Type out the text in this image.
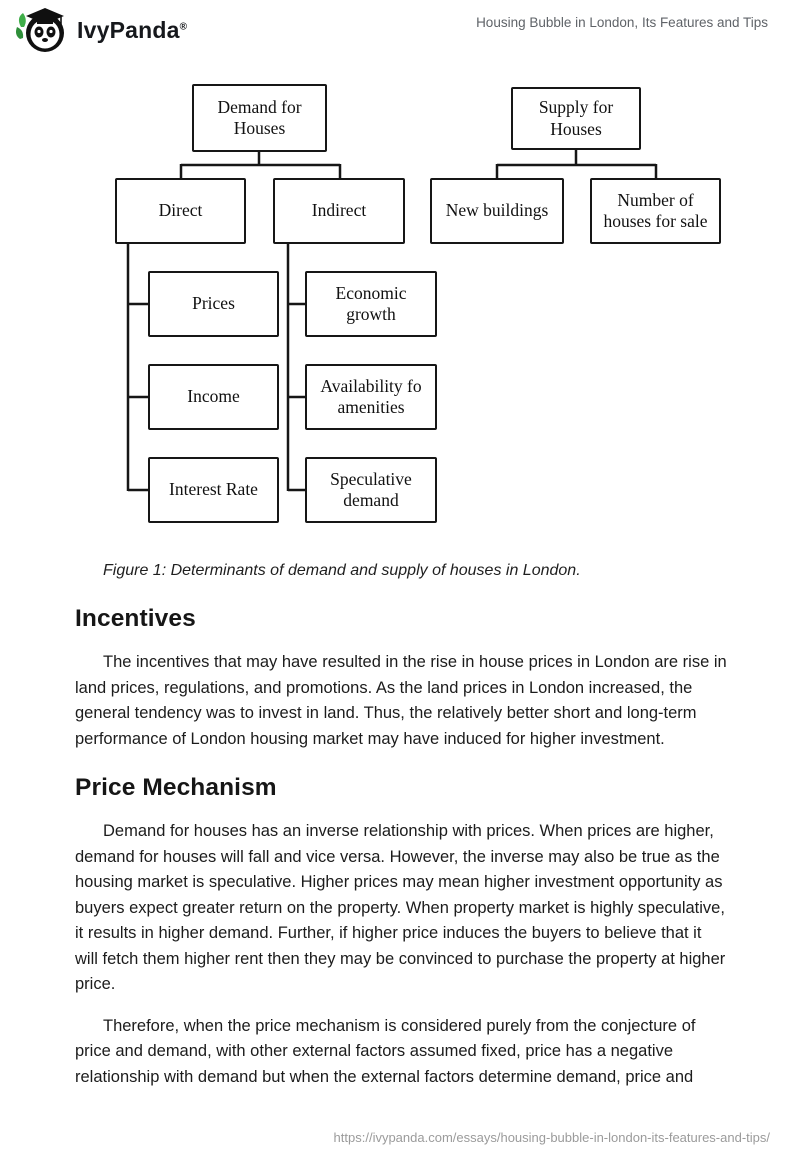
IvyPanda®	Housing Bubble in London, Its Features and Tips
Demand for Houses
Supply for Houses
Direct	Indirect	New buildings
Number of houses for sale
Prices
Economic growth
Income
Availability fo amenities
Interest Rate
Speculative demand

Figure 1: Determinants of demand and supply of houses in London.

Incentives

The incentives that may have resulted in the rise in house prices in London are rise in land prices, regulations, and promotions. As the land prices in London increased, the general tendency was to invest in land. Thus, the relatively better short and long-term performance of London housing market may have induced for higher investment.

Price Mechanism

Demand for houses has an inverse relationship with prices. When prices are higher, demand for houses will fall and vice versa. However, the inverse may also be true as the housing market is speculative. Higher prices may mean higher investment opportunity as buyers expect greater return on the property. When property market is highly speculative, it results in higher demand. Further, if higher price induces the buyers to believe that it will fetch them higher rent then they may be convinced to purchase the property at higher price.

Therefore, when the price mechanism is considered purely from the conjecture of price and demand, with other external factors assumed fixed, price has a negative relationship with demand but when the external factors determine demand, price and

https://ivypanda.com/essays/housing-bubble-in-london-its-features-and-tips/
